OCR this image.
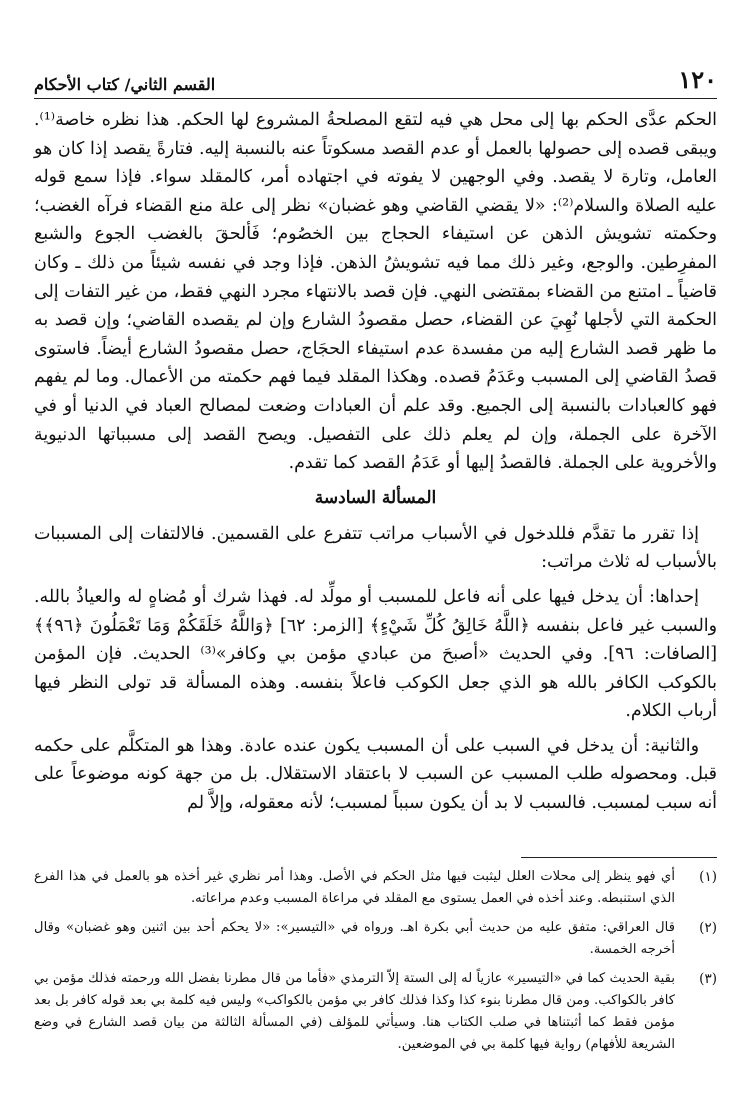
١٢٠
القسم الثاني/ كتاب الأحكام

الحكم عدَّى الحكم بها إلى محل هي فيه لتقع المصلحةُ المشروع لها الحكم. هذا نظره خاصة⁽¹⁾. ويبقى قصده إلى حصولها بالعمل أو عدم القصد مسكوتاً عنه بالنسبة إليه. فتارةً يقصد إذا كان هو العامل، وتارة لا يقصد. وفي الوجهين لا يفوته في اجتهاده أمر، كالمقلد سواء. فإذا سمع قوله عليه الصلاة والسلام⁽²⁾: «لا يقضي القاضي وهو غضبان» نظر إلى علة منع القضاء فرآه الغضب؛ وحكمته تشويش الذهن عن استيفاء الحجاج بين الخصُوم؛ فَألحقَ بالغضب الجوع والشبع المفرِطين. والوجع، وغير ذلك مما فيه تشويشُ الذهن. فإذا وجد في نفسه شيئاً من ذلك ـ وكان قاضياً ـ امتنع من القضاء بمقتضى النهي. فإن قصد بالانتهاء مجرد النهي فقط، من غير التفات إلى الحكمة التي لأجلها نُهِيَ عن القضاء، حصل مقصودُ الشارع وإن لم يقصده القاضي؛ وإن قصد به ما ظهر قصد الشارع إليه من مفسدة عدم استيفاء الحجَاج، حصل مقصودُ الشارع أيضاً. فاستوى قصدُ القاضي إلى المسبب وعَدَمُ قصده. وهكذا المقلد فيما فهم حكمته من الأعمال. وما لم يفهم فهو كالعبادات بالنسبة إلى الجميع. وقد علم أن العبادات وضعت لمصالح العباد في الدنيا أو في الآخرة على الجملة، وإن لم يعلم ذلك على التفصيل. ويصح القصد إلى مسبباتها الدنيوية والأخروية على الجملة. فالقصدُ إليها أو عَدَمُ القصد كما تقدم.

المسألة السادسة

إذا تقرر ما تقدَّم فللدخول في الأسباب مراتب تتفرع على القسمين. فالالتفات إلى المسببات بالأسباب له ثلاث مراتب:

إحداها: أن يدخل فيها على أنه فاعل للمسبب أو مولِّد له. فهذا شرك أو مُضاهٍ له والعياذُ بالله. والسبب غير فاعل بنفسه ﴿اللَّهُ خَالِقُ كُلِّ شَيْءٍ﴾ [الزمر: ٦٢] ﴿وَاللَّهُ خَلَقَكُمْ وَمَا تَعْمَلُونَ ﴿٩٦﴾﴾ [الصافات: ٩٦]. وفي الحديث «أصبحَ من عبادي مؤمن بي وكافر»⁽³⁾ الحديث. فإن المؤمن بالكوكب الكافر بالله هو الذي جعل الكوكب فاعلاً بنفسه. وهذه المسألة قد تولى النظر فيها أرباب الكلام.

والثانية: أن يدخل في السبب على أن المسبب يكون عنده عادة. وهذا هو المتكلَّم على حكمه قبل. ومحصوله طلب المسبب عن السبب لا باعتقاد الاستقلال. بل من جهة كونه موضوعاً على أنه سبب لمسبب. فالسبب لا بد أن يكون سبباً لمسبب؛ لأنه معقوله، وإلاَّ لم

(١)
أي فهو ينظر إلى محلات العلل ليثبت فيها مثل الحكم في الأصل. وهذا أمر نظري غير أخذه هو بالعمل في هذا الفرع الذي استنبطه. وعند أخذه في العمل يستوى مع المقلد في مراعاة المسبب وعدم مراعاته.
(٢)
قال العراقي: متفق عليه من حديث أبي بكرة اهـ. ورواه في «التيسير»: «لا يحكم أحد بين اثنين وهو غضبان» وقال أخرجه الخمسة.
(٣)
بقية الحديث كما في «التيسير» عازياً له إلى الستة إلاّ الترمذي «فأما من قال مطرنا بفضل الله ورحمته فذلك مؤمن بي كافر بالكواكب. ومن قال مطرنا بنوء كذا وكذا فذلك كافر بي مؤمن بالكواكب» وليس فيه كلمة بي بعد قوله كافر بل بعد مؤمن فقط كما أثبتناها في صلب الكتاب هنا. وسيأتي للمؤلف (في المسألة الثالثة من بيان قصد الشارع في وضع الشريعة للأفهام) رواية فيها كلمة بي في الموضعين.
